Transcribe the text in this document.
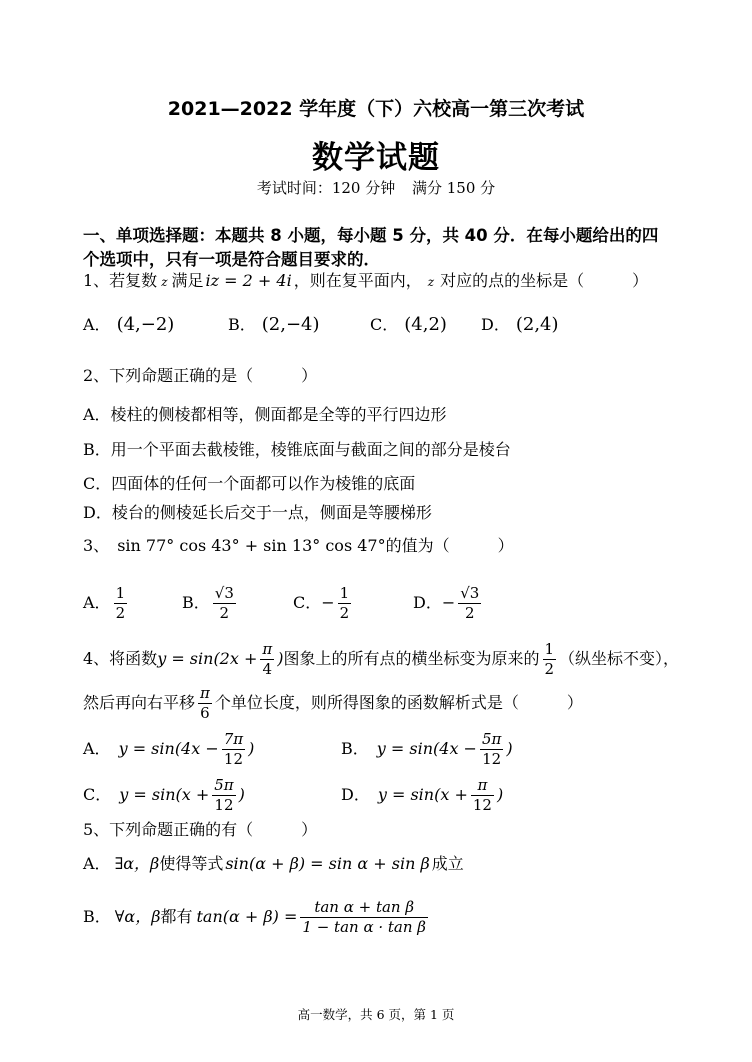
2021—2022 学年度（下）六校高一第三次考试
数学试题
考试时间：120 分钟 满分 150 分
一、单项选择题：本题共 8 小题，每小题 5 分，共 40 分．在每小题给出的四
个选项中，只有一项是符合题目要求的．
1、若复数 z 满足 iz = 2 + 4i ，则在复平面内， z 对应的点的坐标是（　　　）
A． (4,−2)	B． (2,−4)	C． (4,2) D． (2,4)
2、下列命题正确的是（　　　）
A．棱柱的侧棱都相等，侧面都是全等的平行四边形
B．用一个平面去截棱锥，棱锥底面与截面之间的部分是棱台
C．四面体的任何一个面都可以作为棱锥的底面
D．棱台的侧棱延长后交于一点，侧面是等腰梯形
3、 sin 77° cos 43° + sin 13° cos 47°的值为（　　　）
A． $\frac{1}{2}$	B． $\frac{√3}{2}$	C．− $\frac{1}{2}$	D．− $\frac{√3}{2}$
4、将函数$y = \sin(2x + \frac{\pi}{4}$ )图象上的所有点的横坐标变为原来的 $\frac{1}{2}$ （纵坐标不变），
然后再向右平移 $\frac{\pi}{6}$ 个单位长度，则所得图象的函数解析式是（　　　）
A． $y = \sin(4x - \frac{7\pi}{12}$ )	B． $y = \sin(4x - \frac{5\pi}{12}$ )
C． $y = \sin(x + \frac{5\pi}{12}$ )	D． $y = \sin(x + \frac{\pi}{12}$ )
5、下列命题正确的有（　　　）
A． ∃α，β使得等式 sin(α + β) = sin α + sin β 成立
B． ∀α，β都有 $\tan(\alpha + \beta) = \frac{\text{tan α + tan β}}{\text{1 − tan α · tan β}}$
高一数学，共 6 页，第 1 页
